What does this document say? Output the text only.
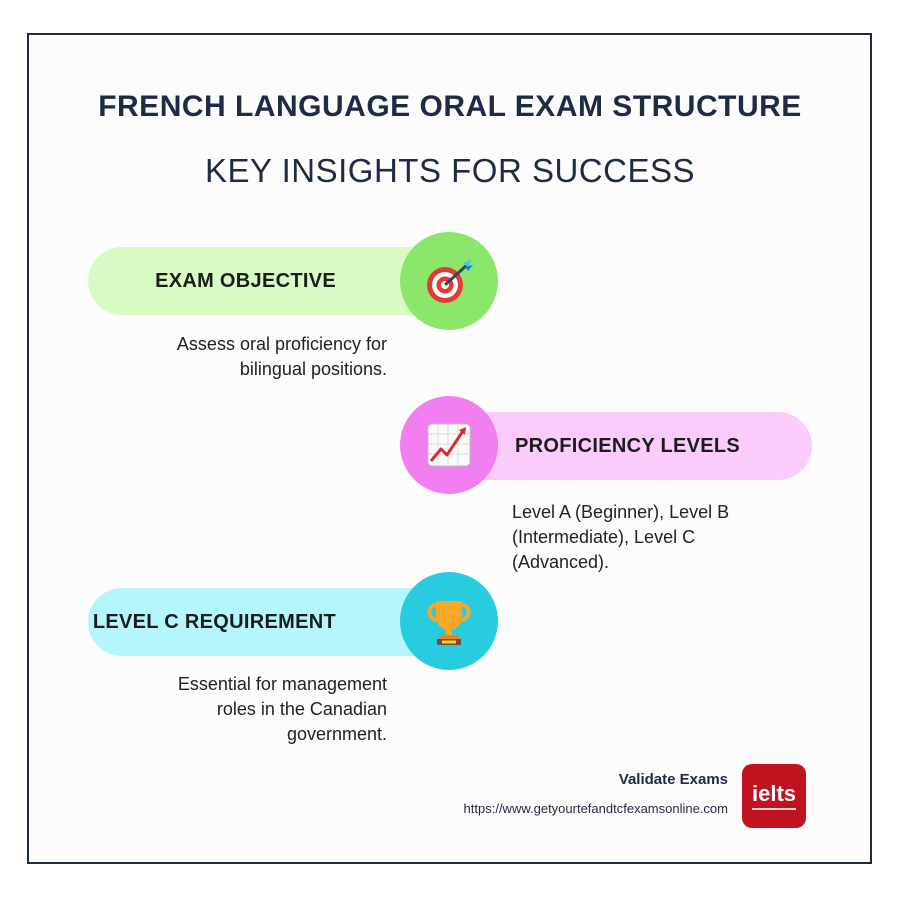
FRENCH LANGUAGE ORAL EXAM STRUCTURE
KEY INSIGHTS FOR SUCCESS
EXAM OBJECTIVE
Assess oral proficiency for
bilingual positions.
PROFICIENCY LEVELS
Level A (Beginner), Level B
(Intermediate), Level C
(Advanced).
LEVEL C REQUIREMENT
Essential for management
roles in the Canadian
government.
Validate Exams
https://www.getyourtefandtcfexamsonline.com
ielts
